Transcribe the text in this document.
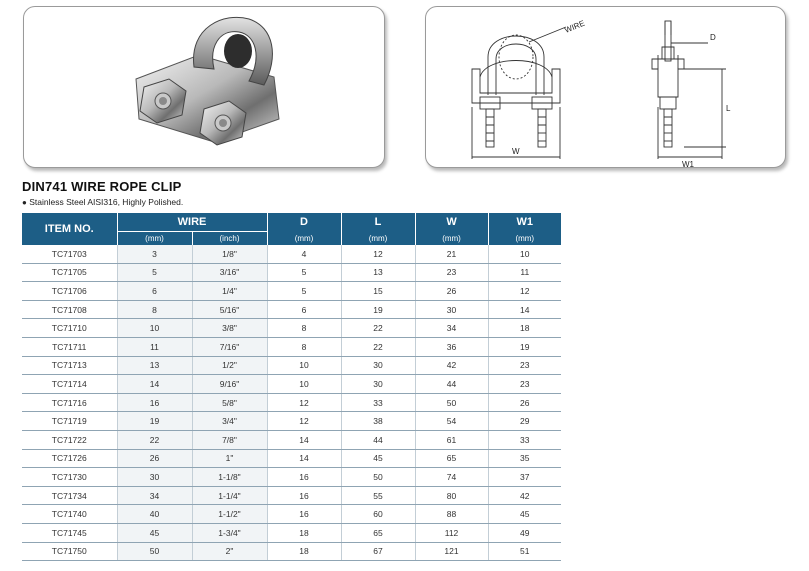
WIRE
W
D
L
W1
DIN741 WIRE ROPE CLIP
● Stainless Steel AISI316, Highly Polished.
ITEM NO.	WIRE		D	L	W	W1
	(mm)	(inch)	(mm)	(mm)	(mm)	(mm)
TC71703	3	1/8"	4	12	21	10
TC71705	5	3/16"	5	13	23	11
TC71706	6	1/4"	5	15	26	12
TC71708	8	5/16"	6	19	30	14
TC71710	10	3/8"	8	22	34	18
TC71711	11	7/16"	8	22	36	19
TC71713	13	1/2"	10	30	42	23
TC71714	14	9/16"	10	30	44	23
TC71716	16	5/8"	12	33	50	26
TC71719	19	3/4"	12	38	54	29
TC71722	22	7/8"	14	44	61	33
TC71726	26	1"	14	45	65	35
TC71730	30	1-1/8"	16	50	74	37
TC71734	34	1-1/4"	16	55	80	42
TC71740	40	1-1/2"	16	60	88	45
TC71745	45	1-3/4"	18	65	112	49
TC71750	50	2"	18	67	121	51
